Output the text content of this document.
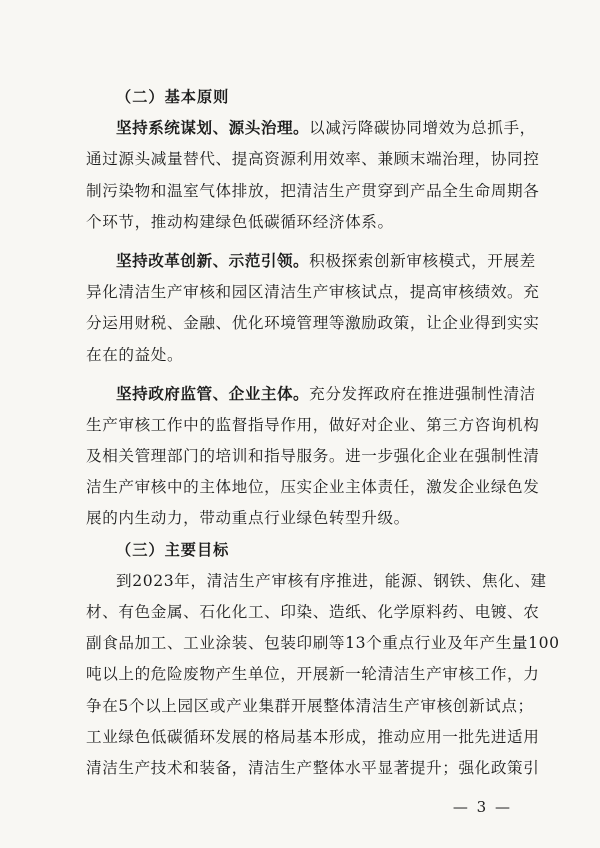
（二）基本原则
坚持系统谋划、源头治理。以减污降碳协同增效为总抓手，
通过源头减量替代、提高资源利用效率、兼顾末端治理，协同控
制污染物和温室气体排放，把清洁生产贯穿到产品全生命周期各
个环节，推动构建绿色低碳循环经济体系。
坚持改革创新、示范引领。积极探索创新审核模式，开展差
异化清洁生产审核和园区清洁生产审核试点，提高审核绩效。充
分运用财税、金融、优化环境管理等激励政策，让企业得到实实
在在的益处。
坚持政府监管、企业主体。充分发挥政府在推进强制性清洁
生产审核工作中的监督指导作用，做好对企业、第三方咨询机构
及相关管理部门的培训和指导服务。进一步强化企业在强制性清
洁生产审核中的主体地位，压实企业主体责任，激发企业绿色发
展的内生动力，带动重点行业绿色转型升级。
（三）主要目标
到2023年，清洁生产审核有序推进，能源、钢铁、焦化、建
材、有色金属、石化化工、印染、造纸、化学原料药、电镀、农
副食品加工、工业涂装、包装印刷等13个重点行业及年产生量100
吨以上的危险废物产生单位，开展新一轮清洁生产审核工作，力
争在5个以上园区或产业集群开展整体清洁生产审核创新试点；
工业绿色低碳循环发展的格局基本形成，推动应用一批先进适用
清洁生产技术和装备，清洁生产整体水平显著提升；强化政策引
— 3 —
